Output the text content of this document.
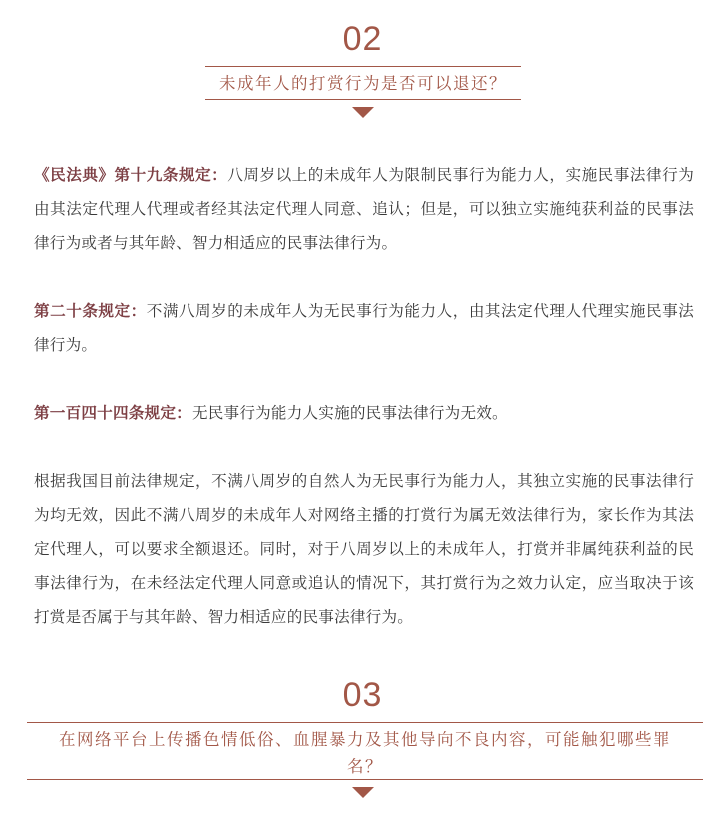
02
未成年人的打赏行为是否可以退还？
《民法典》第十九条规定：八周岁以上的未成年人为限制民事行为能力人，实施民事法律行为由其法定代理人代理或者经其法定代理人同意、追认；但是，可以独立实施纯获利益的民事法律行为或者与其年龄、智力相适应的民事法律行为。
第二十条规定：不满八周岁的未成年人为无民事行为能力人，由其法定代理人代理实施民事法律行为。
第一百四十四条规定：无民事行为能力人实施的民事法律行为无效。
根据我国目前法律规定，不满八周岁的自然人为无民事行为能力人，其独立实施的民事法律行为均无效，因此不满八周岁的未成年人对网络主播的打赏行为属无效法律行为，家长作为其法定代理人，可以要求全额退还。同时，对于八周岁以上的未成年人，打赏并非属纯获利益的民事法律行为，在未经法定代理人同意或追认的情况下，其打赏行为之效力认定，应当取决于该打赏是否属于与其年龄、智力相适应的民事法律行为。
03
在网络平台上传播色情低俗、血腥暴力及其他导向不良内容，可能触犯哪些罪名？
